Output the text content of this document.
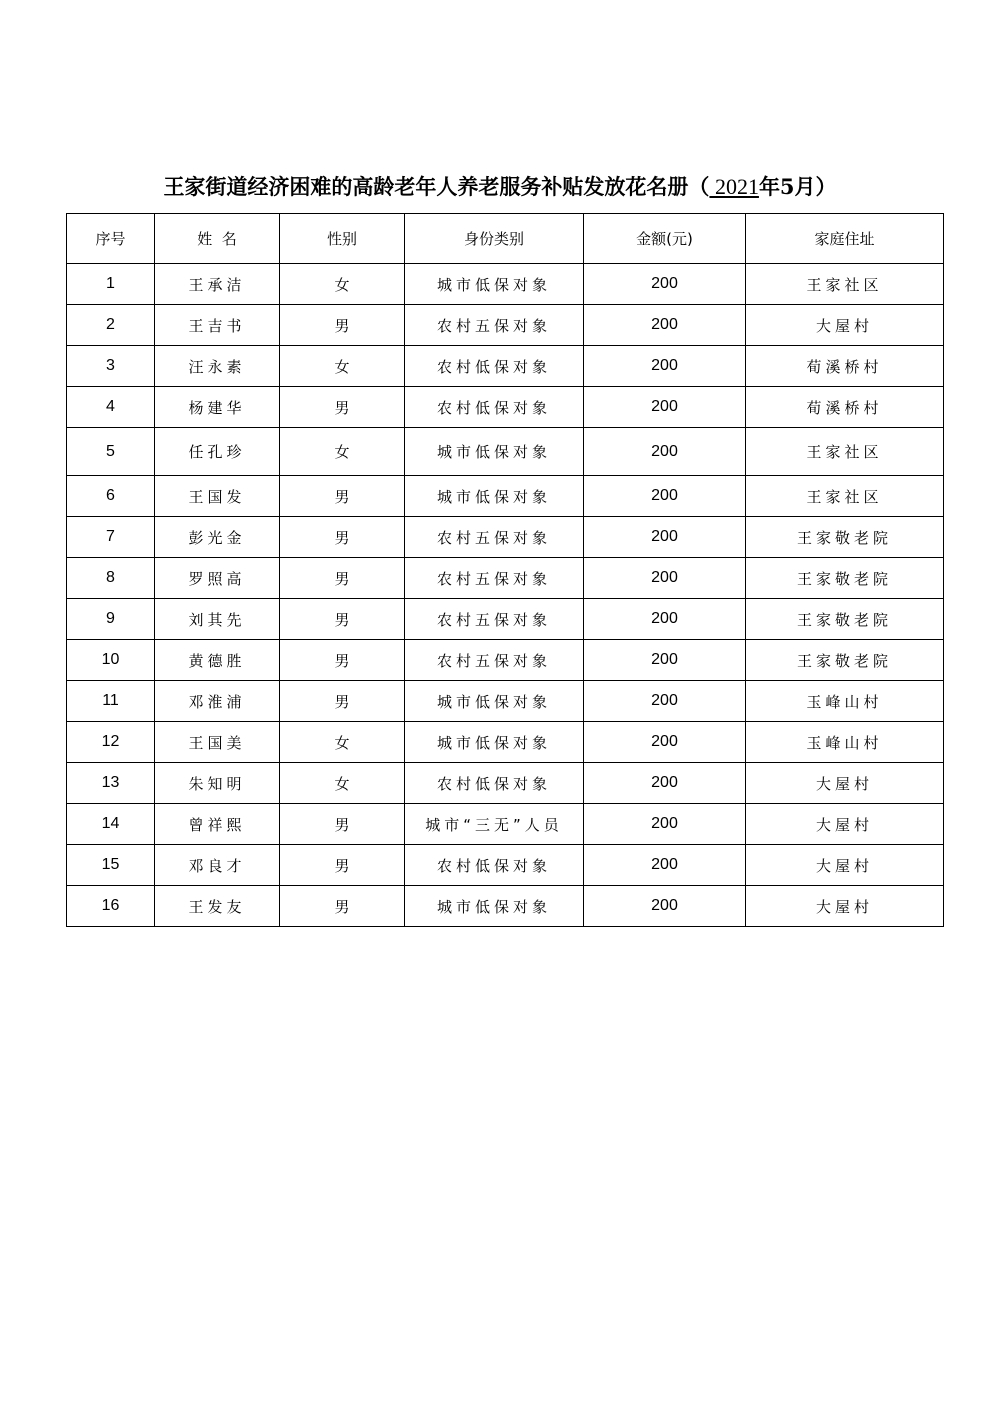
王家街道经济困难的高龄老年人养老服务补贴发放花名册（ 2021年5月）
序号	姓  名	性别	身份类别	金额(元)	家庭住址
1	王承洁	女	城市低保对象	200	王家社区
2	王吉书	男	农村五保对象	200	大屋村
3	汪永素	女	农村低保对象	200	荀溪桥村
4	杨建华	男	农村低保对象	200	荀溪桥村
5	任孔珍	女	城市低保对象	200	王家社区
6	王国发	男	城市低保对象	200	王家社区
7	彭光金	男	农村五保对象	200	王家敬老院
8	罗照高	男	农村五保对象	200	王家敬老院
9	刘其先	男	农村五保对象	200	王家敬老院
10	黄德胜	男	农村五保对象	200	王家敬老院
11	邓淮浦	男	城市低保对象	200	玉峰山村
12	王国美	女	城市低保对象	200	玉峰山村
13	朱知明	女	农村低保对象	200	大屋村
14	曾祥熙	男	城市“三无”人员	200	大屋村
15	邓良才	男	农村低保对象	200	大屋村
16	王发友	男	城市低保对象	200	大屋村
